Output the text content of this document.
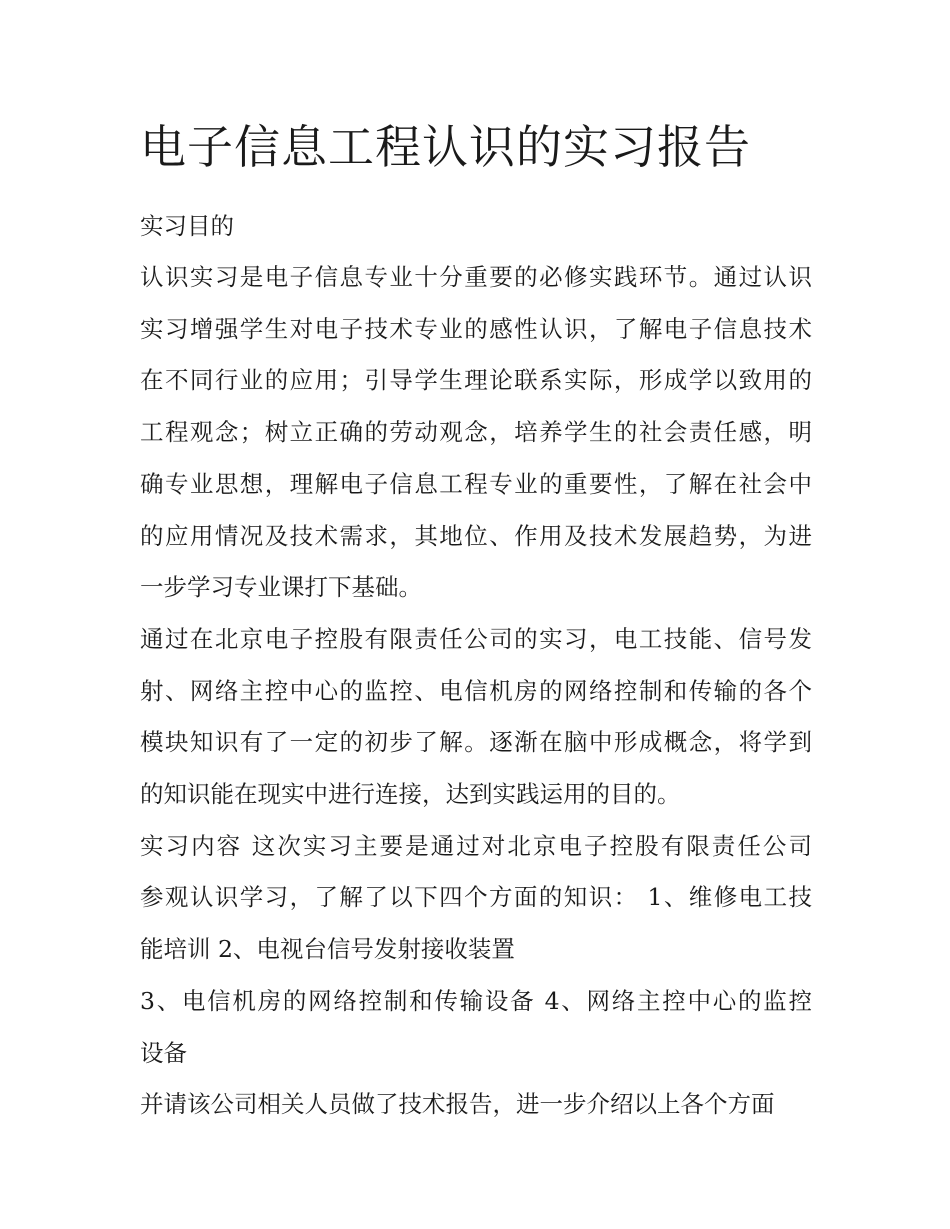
电子信息工程认识的实习报告

实习目的

认识实习是电子信息专业十分重要的必修实践环节。通过认识
实习增强学生对电子技术专业的感性认识，了解电子信息技术
在不同行业的应用；引导学生理论联系实际，形成学以致用的
工程观念；树立正确的劳动观念，培养学生的社会责任感，明
确专业思想，理解电子信息工程专业的重要性，了解在社会中
的应用情况及技术需求，其地位、作用及技术发展趋势，为进
一步学习专业课打下基础。

通过在北京电子控股有限责任公司的实习，电工技能、信号发
射、网络主控中心的监控、电信机房的网络控制和传输的各个
模块知识有了一定的初步了解。逐渐在脑中形成概念，将学到
的知识能在现实中进行连接，达到实践运用的目的。

实习内容 这次实习主要是通过对北京电子控股有限责任公司
参观认识学习，了解了以下四个方面的知识： 1、维修电工技
能培训 2、电视台信号发射接收装置

3、电信机房的网络控制和传输设备 4、网络主控中心的监控
设备

并请该公司相关人员做了技术报告，进一步介绍以上各个方面
